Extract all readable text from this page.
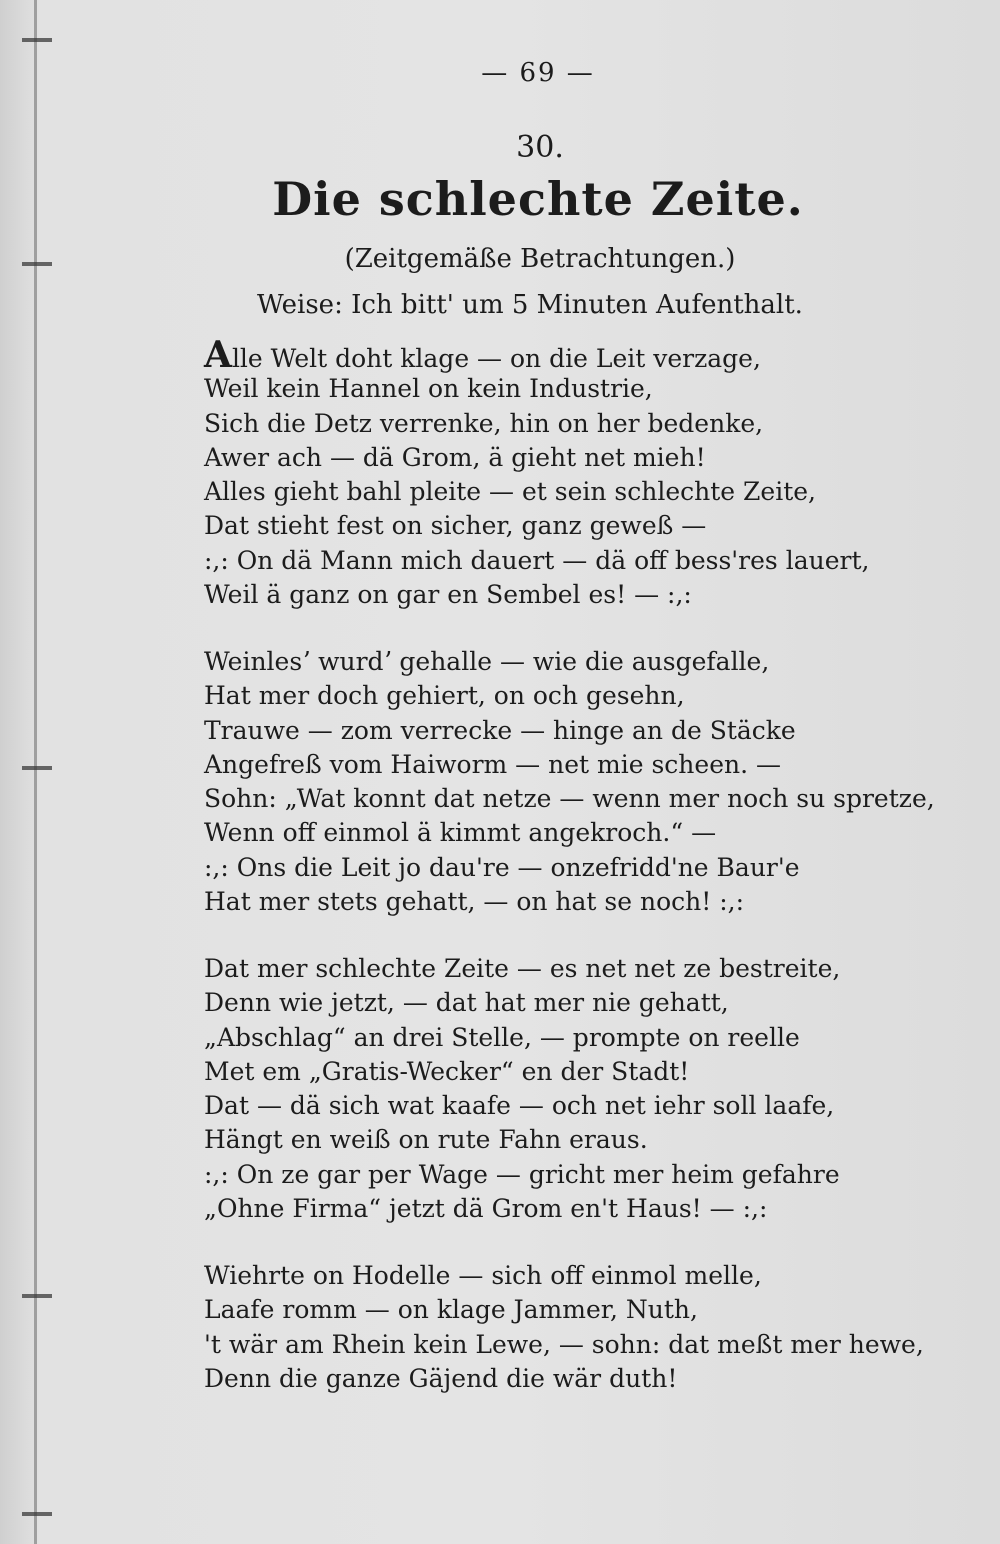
— 69 —
30.
Die schlechte Zeite.
(Zeitgemäße Betrachtungen.)
Weise: Ich bitt' um 5 Minuten Aufenthalt.
Alle Welt doht klage — on die Leit verzage,
Weil kein Hannel on kein Industrie,
Sich die Detz verrenke, hin on her bedenke,
Awer ach — dä Grom, ä gieht net mieh!
Alles gieht bahl pleite — et sein schlechte Zeite,
Dat stieht fest on sicher, ganz geweß —
:,: On dä Mann mich dauert — dä off bess'res lauert,
Weil ä ganz on gar en Sembel es! — :,:
Weinlesʼ wurdʼ gehalle — wie die ausgefalle,
Hat mer doch gehiert, on och gesehn,
Trauwe — zom verrecke — hinge an de Stäcke
Angefreß vom Haiworm — net mie scheen. —
Sohn: „Wat konnt dat netze — wenn mer noch su spretze,
Wenn off einmol ä kimmt angekroch.“ —
:,: Ons die Leit jo dau're — onzefridd'ne Baur'e
Hat mer stets gehatt, — on hat se noch! :,:
Dat mer schlechte Zeite — es net net ze bestreite,
Denn wie jetzt, — dat hat mer nie gehatt,
„Abschlag“ an drei Stelle, — prompte on reelle
Met em „Gratis-Wecker“ en der Stadt!
Dat — dä sich wat kaafe — och net iehr soll laafe,
Hängt en weiß on rute Fahn eraus.
:,: On ze gar per Wage — gricht mer heim gefahre
„Ohne Firma“ jetzt dä Grom en't Haus! — :,:
Wiehrte on Hodelle — sich off einmol melle,
Laafe romm — on klage Jammer, Nuth,
't wär am Rhein kein Lewe, — sohn: dat meßt mer hewe,
Denn die ganze Gäjend die wär duth!
